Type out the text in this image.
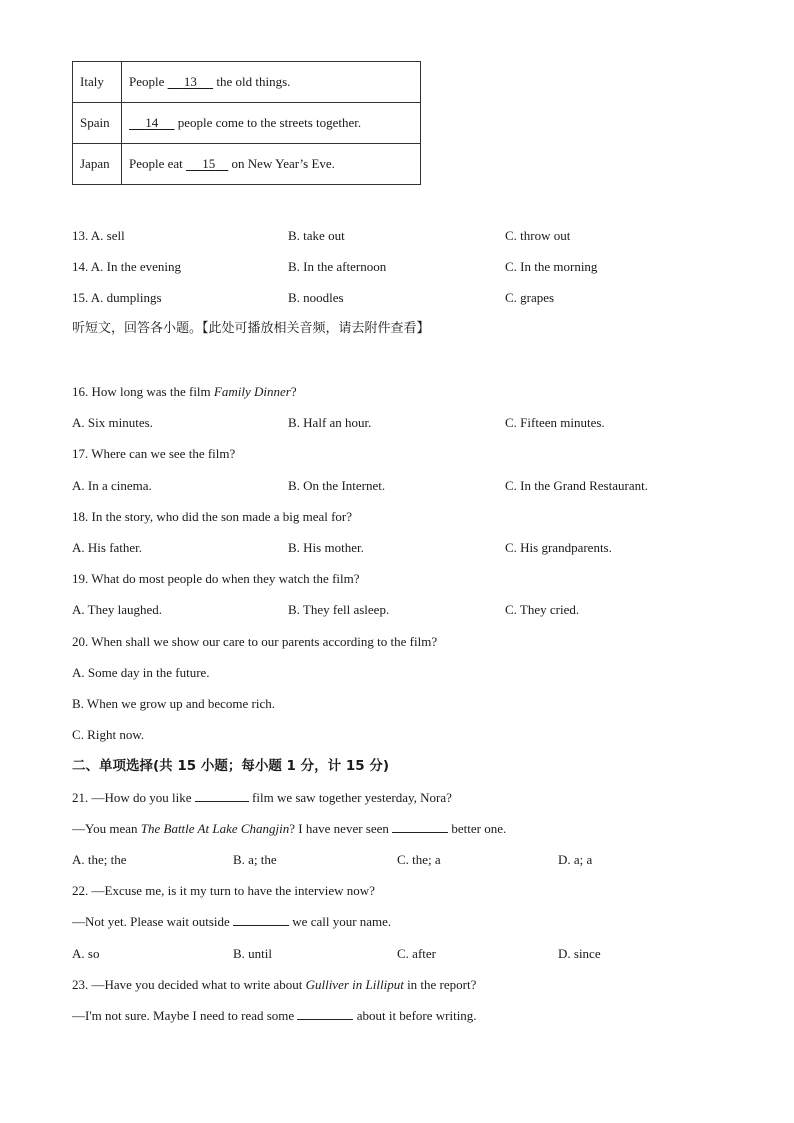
Italy	People      13      the old things.
Spain	14      people come to the streets together.
Japan	People eat      15     on New Year’s Eve.
13. A. sell	B. take out	C. throw out
14. A. In the evening	B. In the afternoon	C. In the morning
15. A. dumplings	B. noodles	C. grapes
听短文，回答各小题。【此处可播放相关音频，请去附件查看】
16. How long was the film Family Dinner?
A. Six minutes.	B. Half an hour.	C. Fifteen minutes.
17. Where can we see the film?
A. In a cinema.	B. On the Internet.	C. In the Grand Restaurant.
18. In the story, who did the son made a big meal for?
A. His father.	B. His mother.	C. His grandparents.
19. What do most people do when they watch the film?
A. They laughed.	B. They fell asleep.	C. They cried.
20. When shall we show our care to our parents according to the film?
A. Some day in the future.
B. When we grow up and become rich.
C. Right now.
二、单项选择(共 15 小题；每小题 1 分，计 15 分)
21. —How do you like	film we saw together yesterday, Nora?
—You mean The Battle At Lake Changjin? I have never seen	better one.
A. the; the	B. a; the	C. the; a	D. a; a
22. —Excuse me, is it my turn to have the interview now?
—Not yet. Please wait outside	we call your name.
A. so	B. until	C. after	D. since
23. —Have you decided what to write about Gulliver in Lilliput in the report?
—I'm not sure. Maybe I need to read some	about it before writing.
